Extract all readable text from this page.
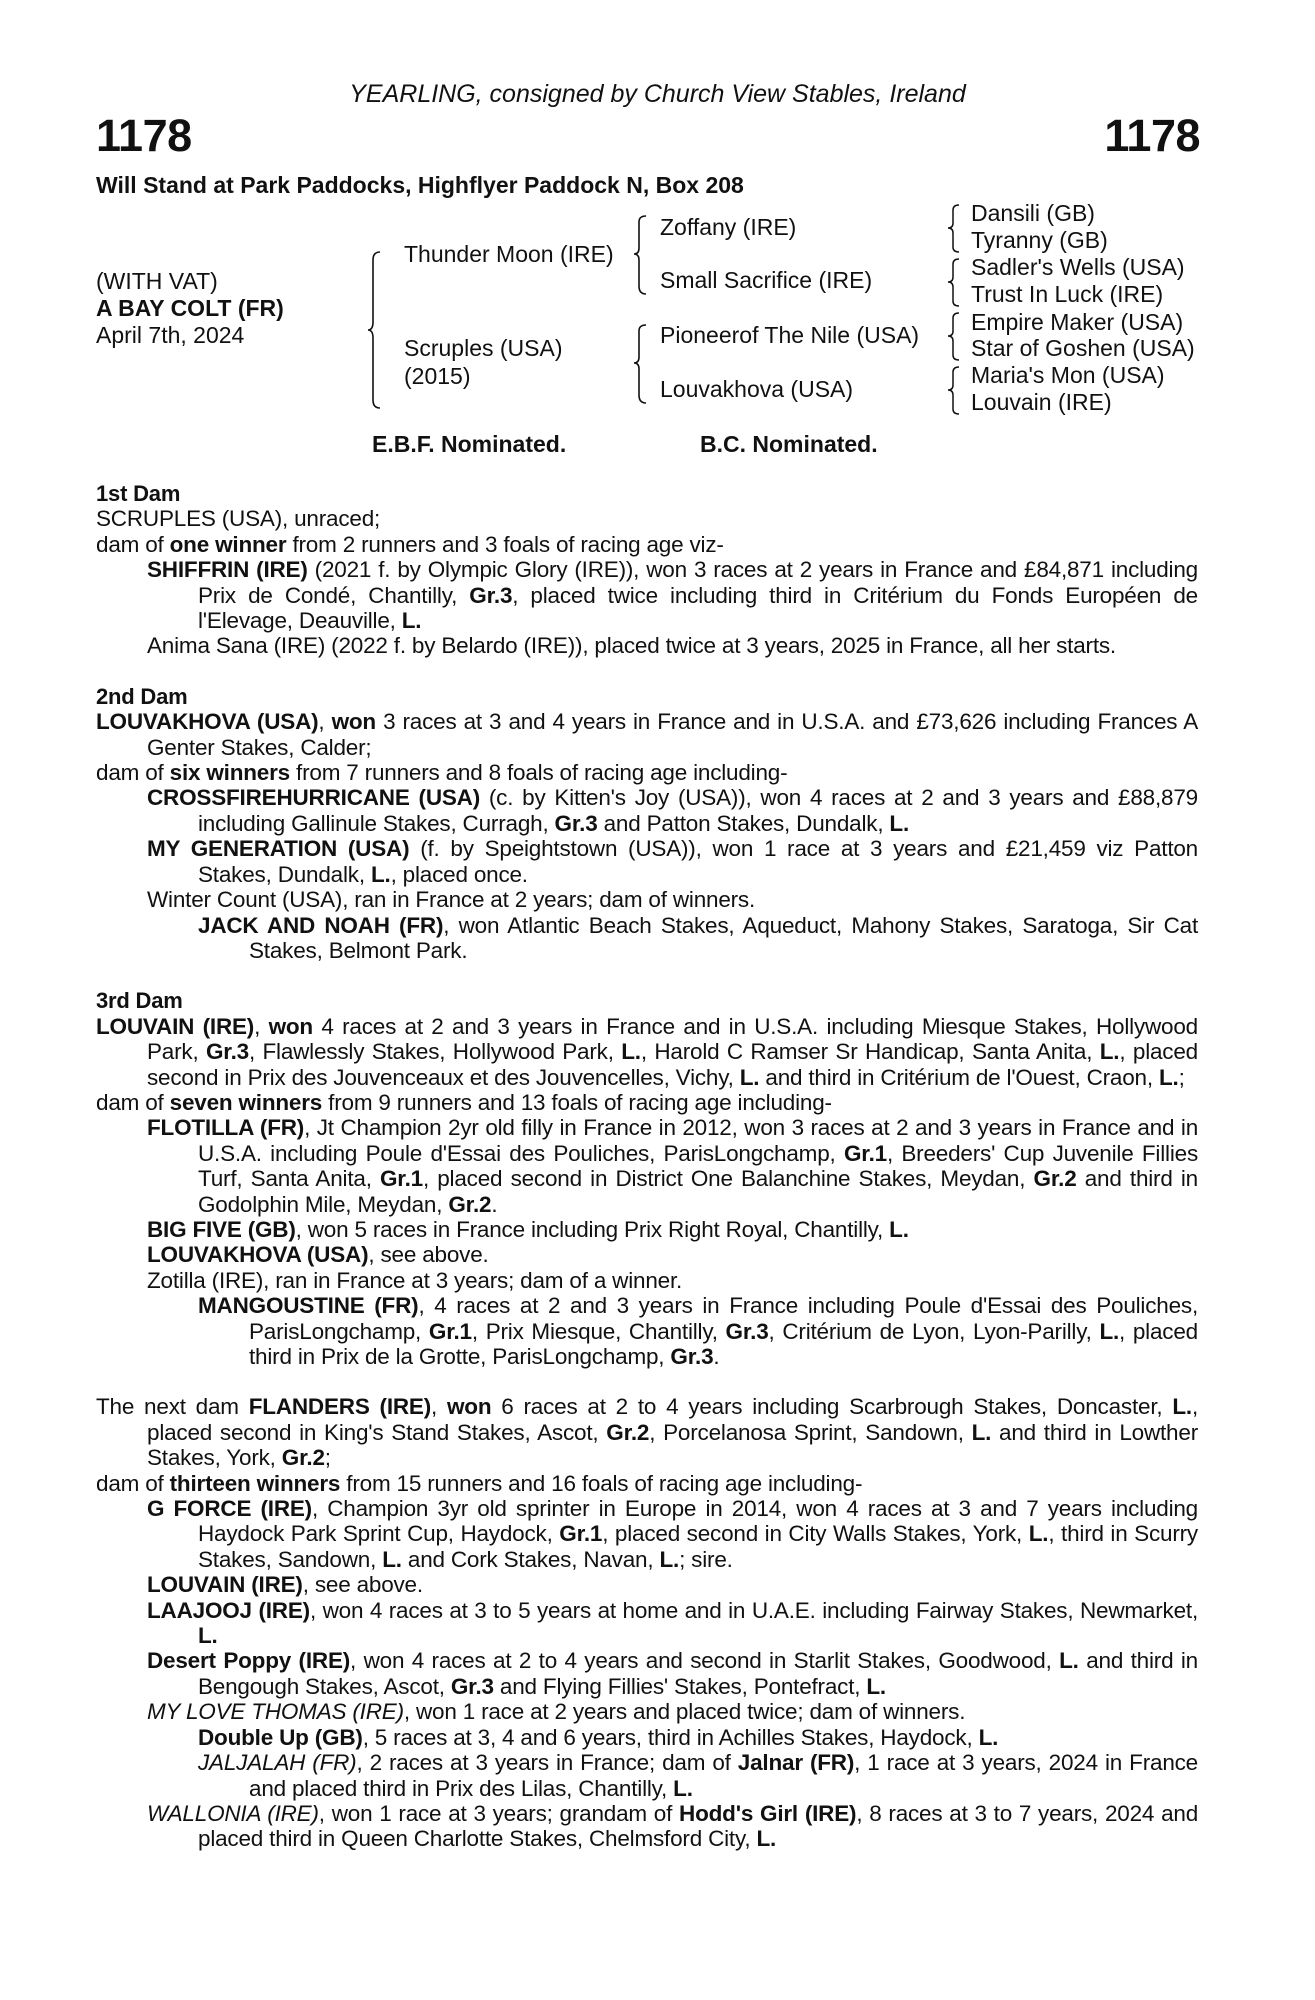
YEARLING, consigned by Church View Stables, Ireland
1178	1178
Will Stand at Park Paddocks, Highflyer Paddock N, Box 208
(WITH VAT)
A BAY COLT (FR)
April 7th, 2024
Thunder Moon (IRE)
Scruples (USA)
(2015)
Zoffany (IRE)
Small Sacrifice (IRE)
Pioneerof The Nile (USA)
Louvakhova (USA)
Dansili (GB)
Tyranny (GB)
Sadler's Wells (USA)
Trust In Luck (IRE)
Empire Maker (USA)
Star of Goshen (USA)
Maria's Mon (USA)
Louvain (IRE)
E.B.F. Nominated.	B.C. Nominated.
1st Dam
SCRUPLES (USA), unraced;
dam of one winner from 2 runners and 3 foals of racing age viz-
SHIFFRIN (IRE) (2021 f. by Olympic Glory (IRE)), won 3 races at 2 years in France and £84,871 including Prix de Condé, Chantilly, Gr.3, placed twice including third in Critérium du Fonds Européen de l'Elevage, Deauville, L.
Anima Sana (IRE) (2022 f. by Belardo (IRE)), placed twice at 3 years, 2025 in France, all her starts.
2nd Dam
LOUVAKHOVA (USA), won 3 races at 3 and 4 years in France and in U.S.A. and £73,626 including Frances A Genter Stakes, Calder;
dam of six winners from 7 runners and 8 foals of racing age including-
CROSSFIREHURRICANE (USA) (c. by Kitten's Joy (USA)), won 4 races at 2 and 3 years and £88,879 including Gallinule Stakes, Curragh, Gr.3 and Patton Stakes, Dundalk, L.
MY GENERATION (USA) (f. by Speightstown (USA)), won 1 race at 3 years and £21,459 viz Patton Stakes, Dundalk, L., placed once.
Winter Count (USA), ran in France at 2 years; dam of winners.
JACK AND NOAH (FR), won Atlantic Beach Stakes, Aqueduct, Mahony Stakes, Saratoga, Sir Cat Stakes, Belmont Park.
3rd Dam
LOUVAIN (IRE), won 4 races at 2 and 3 years in France and in U.S.A. including Miesque Stakes, Hollywood Park, Gr.3, Flawlessly Stakes, Hollywood Park, L., Harold C Ramser Sr Handicap, Santa Anita, L., placed second in Prix des Jouvenceaux et des Jouvencelles, Vichy, L. and third in Critérium de l'Ouest, Craon, L.;
dam of seven winners from 9 runners and 13 foals of racing age including-
FLOTILLA (FR), Jt Champion 2yr old filly in France in 2012, won 3 races at 2 and 3 years in France and in U.S.A. including Poule d'Essai des Pouliches, ParisLongchamp, Gr.1, Breeders' Cup Juvenile Fillies Turf, Santa Anita, Gr.1, placed second in District One Balanchine Stakes, Meydan, Gr.2 and third in Godolphin Mile, Meydan, Gr.2.
BIG FIVE (GB), won 5 races in France including Prix Right Royal, Chantilly, L.
LOUVAKHOVA (USA), see above.
Zotilla (IRE), ran in France at 3 years; dam of a winner.
MANGOUSTINE (FR), 4 races at 2 and 3 years in France including Poule d'Essai des Pouliches, ParisLongchamp, Gr.1, Prix Miesque, Chantilly, Gr.3, Critérium de Lyon, Lyon-Parilly, L., placed third in Prix de la Grotte, ParisLongchamp, Gr.3.
The next dam FLANDERS (IRE), won 6 races at 2 to 4 years including Scarbrough Stakes, Doncaster, L., placed second in King's Stand Stakes, Ascot, Gr.2, Porcelanosa Sprint, Sandown, L. and third in Lowther Stakes, York, Gr.2;
dam of thirteen winners from 15 runners and 16 foals of racing age including-
G FORCE (IRE), Champion 3yr old sprinter in Europe in 2014, won 4 races at 3 and 7 years including Haydock Park Sprint Cup, Haydock, Gr.1, placed second in City Walls Stakes, York, L., third in Scurry Stakes, Sandown, L. and Cork Stakes, Navan, L.; sire.
LOUVAIN (IRE), see above.
LAAJOOJ (IRE), won 4 races at 3 to 5 years at home and in U.A.E. including Fairway Stakes, Newmarket, L.
Desert Poppy (IRE), won 4 races at 2 to 4 years and second in Starlit Stakes, Goodwood, L. and third in Bengough Stakes, Ascot, Gr.3 and Flying Fillies' Stakes, Pontefract, L.
MY LOVE THOMAS (IRE), won 1 race at 2 years and placed twice; dam of winners.
Double Up (GB), 5 races at 3, 4 and 6 years, third in Achilles Stakes, Haydock, L.
JALJALAH (FR), 2 races at 3 years in France; dam of Jalnar (FR), 1 race at 3 years, 2024 in France and placed third in Prix des Lilas, Chantilly, L.
WALLONIA (IRE), won 1 race at 3 years; grandam of Hodd's Girl (IRE), 8 races at 3 to 7 years, 2024 and placed third in Queen Charlotte Stakes, Chelmsford City, L.
